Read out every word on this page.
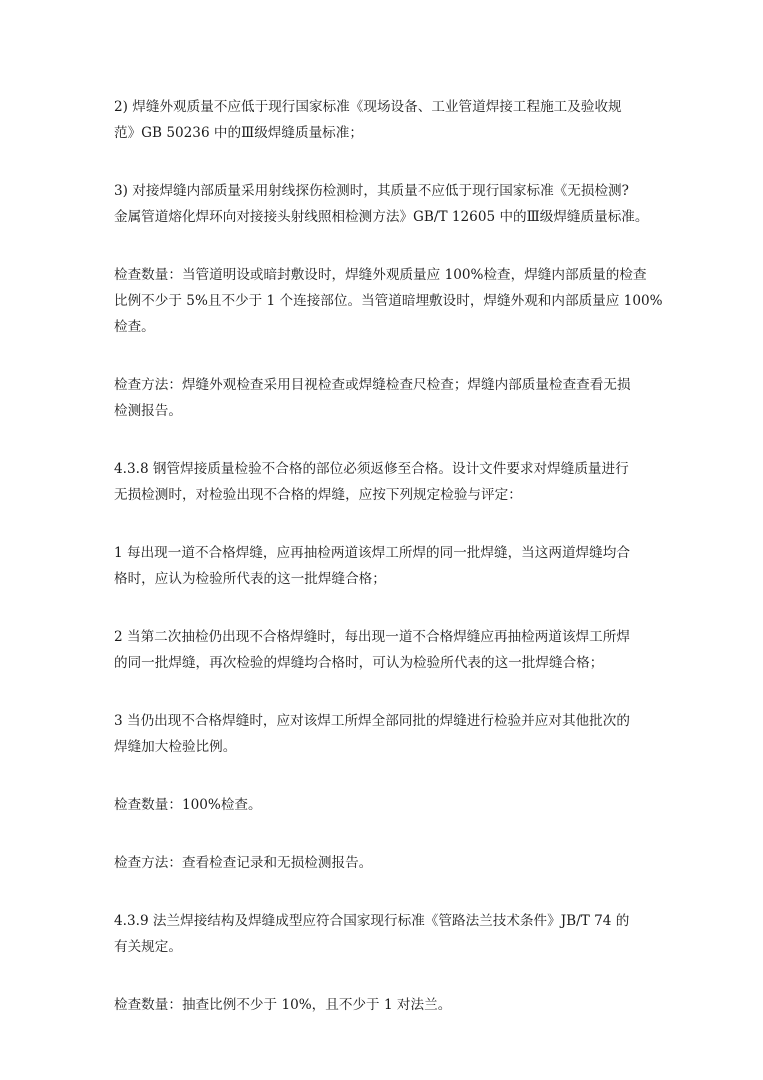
2) 焊缝外观质量不应低于现行国家标准《现场设备、工业管道焊接工程施工及验收规
范》GB 50236 中的Ⅲ级焊缝质量标准；

3) 对接焊缝内部质量采用射线探伤检测时，其质量不应低于现行国家标准《无损检测?
金属管道熔化焊环向对接接头射线照相检测方法》GB/T 12605 中的Ⅲ级焊缝质量标准。

检查数量：当管道明设或暗封敷设时，焊缝外观质量应 100%检查，焊缝内部质量的检查
比例不少于 5%且不少于 1 个连接部位。当管道暗埋敷设时，焊缝外观和内部质量应 100%
检查。

检查方法：焊缝外观检查采用目视检查或焊缝检查尺检查；焊缝内部质量检查查看无损
检测报告。

4.3.8 钢管焊接质量检验不合格的部位必须返修至合格。设计文件要求对焊缝质量进行
无损检测时，对检验出现不合格的焊缝，应按下列规定检验与评定：

1 每出现一道不合格焊缝，应再抽检两道该焊工所焊的同一批焊缝，当这两道焊缝均合
格时，应认为检验所代表的这一批焊缝合格；

2 当第二次抽检仍出现不合格焊缝时，每出现一道不合格焊缝应再抽检两道该焊工所焊
的同一批焊缝，再次检验的焊缝均合格时，可认为检验所代表的这一批焊缝合格；

3 当仍出现不合格焊缝时，应对该焊工所焊全部同批的焊缝进行检验并应对其他批次的
焊缝加大检验比例。

检查数量：100%检查。

检查方法：查看检查记录和无损检测报告。

4.3.9 法兰焊接结构及焊缝成型应符合国家现行标准《管路法兰技术条件》JB/T 74 的
有关规定。

检查数量：抽查比例不少于 10%，且不少于 1 对法兰。
